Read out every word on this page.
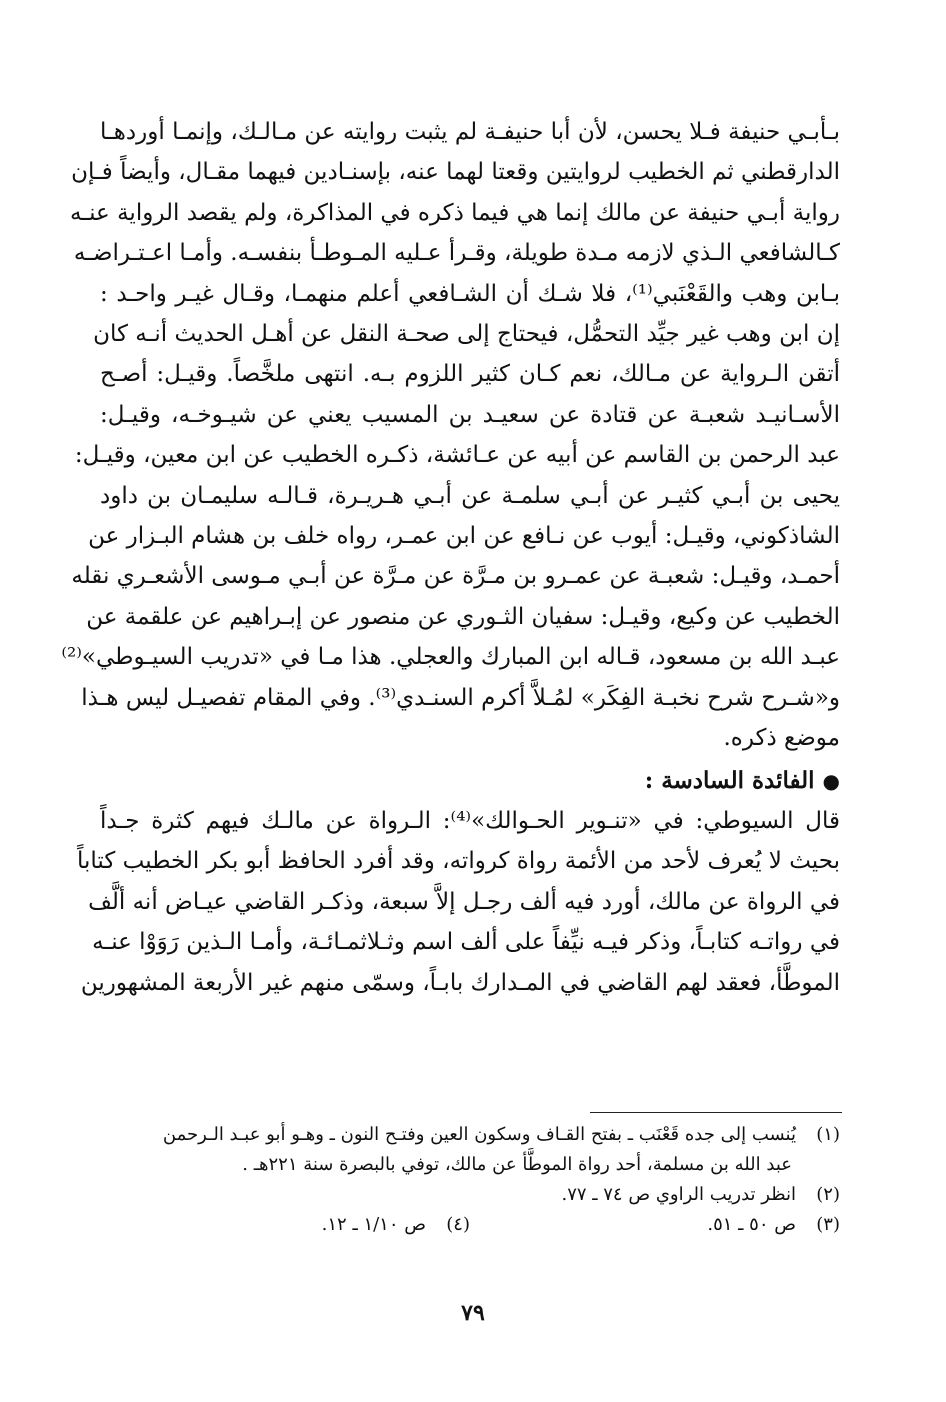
بـأبـي حنيفة فـلا يحسن، لأن أبا حنيفـة لم يثبت روايته عن مـالـك، وإنمـا أوردهـا
الدارقطني ثم الخطيب لروايتين وقعتا لهما عنه، بإسنـادين فيهما مقـال، وأيضاً فـإن
رواية أبـي حنيفة عن مالك إنما هي فيما ذكره في المذاكرة، ولم يقصد الرواية عنـه
كـالشافعي الـذي لازمه مـدة طويلة، وقـرأ عـليه المـوطـأ بنفسـه. وأمـا اعـتـراضـه
بـابن وهب والقَعْنَبي⁽¹⁾، فلا شـك أن الشـافعي أعلم منهمـا، وقـال غيـر واحـد :
إن ابن وهب غير جيِّد التحمُّل، فيحتاج إلى صحـة النقل عن أهـل الحديث أنـه كان
أتقن الـرواية عن مـالك، نعم كـان كثير اللزوم بـه. انتهى ملخَّصاً. وقيـل: أصـح
الأسـانيـد شعبـة عن قتادة عن سعيـد بن المسيب يعني عن شيـوخـه، وقيـل:
عبد الرحمن بن القاسم عن أبيه عن عـائشة، ذكـره الخطيب عن ابن معين، وقيـل:
يحيى بن أبـي كثيـر عن أبـي سلمـة عن أبـي هـريـرة، قـالـه سليمـان بن داود
الشاذكوني، وقيـل: أيوب عن نـافع عن ابن عمـر، رواه خلف بن هشام البـزار عن
أحمـد، وقيـل: شعبـة عن عمـرو بن مـرَّة عن مـرَّة عن أبـي مـوسى الأشعـري نقله
الخطيب عن وكيع، وقيـل: سفيان الثـوري عن منصور عن إبـراهيم عن علقمة عن
عبـد الله بن مسعود، قـاله ابن المبارك والعجلي. هذا مـا في «تدريب السيـوطي»⁽²⁾
و«شـرح شرح نخبـة الفِكَر» لمُـلاَّ أكرم السنـدي⁽³⁾. وفي المقام تفصيـل ليس هـذا
موضع ذكره.
●الفائدة السادسة :
قال السيوطي: في «تنـوير الحـوالك»⁽⁴⁾: الـرواة عن مالـك فيهم كثرة جـداً
بحيث لا يُعرف لأحد من الأئمة رواة كرواته، وقد أفرد الحافظ أبو بكر الخطيب كتاباً
في الرواة عن مالك، أورد فيه ألف رجـل إلاَّ سبعة، وذكـر القاضي عيـاض أنه ألَّف
في رواتـه كتابـاً، وذكر فيـه نيِّفاً على ألف اسم وثـلاثمـائـة، وأمـا الـذين رَوَوْا عنـه
الموطَّأ، فعقد لهم القاضي في المـدارك بابـاً، وسمّى منهم غير الأربعة المشهورين
(١)يُنسب إلى جده قَعْنَب ـ بفتح القـاف وسكون العين وفتـح النون ـ وهـو أبو عبـد الـرحمن
عبد الله بن مسلمة، أحد رواة الموطَّأ عن مالك، توفي بالبصرة سنة ٢٢١هـ .
(٢)انظر تدريب الراوي ص ٧٤ ـ ٧٧.
(٣)ص ٥٠ ـ ٥١.
(٤)ص ١/١٠ ـ ١٢.
٧٩
